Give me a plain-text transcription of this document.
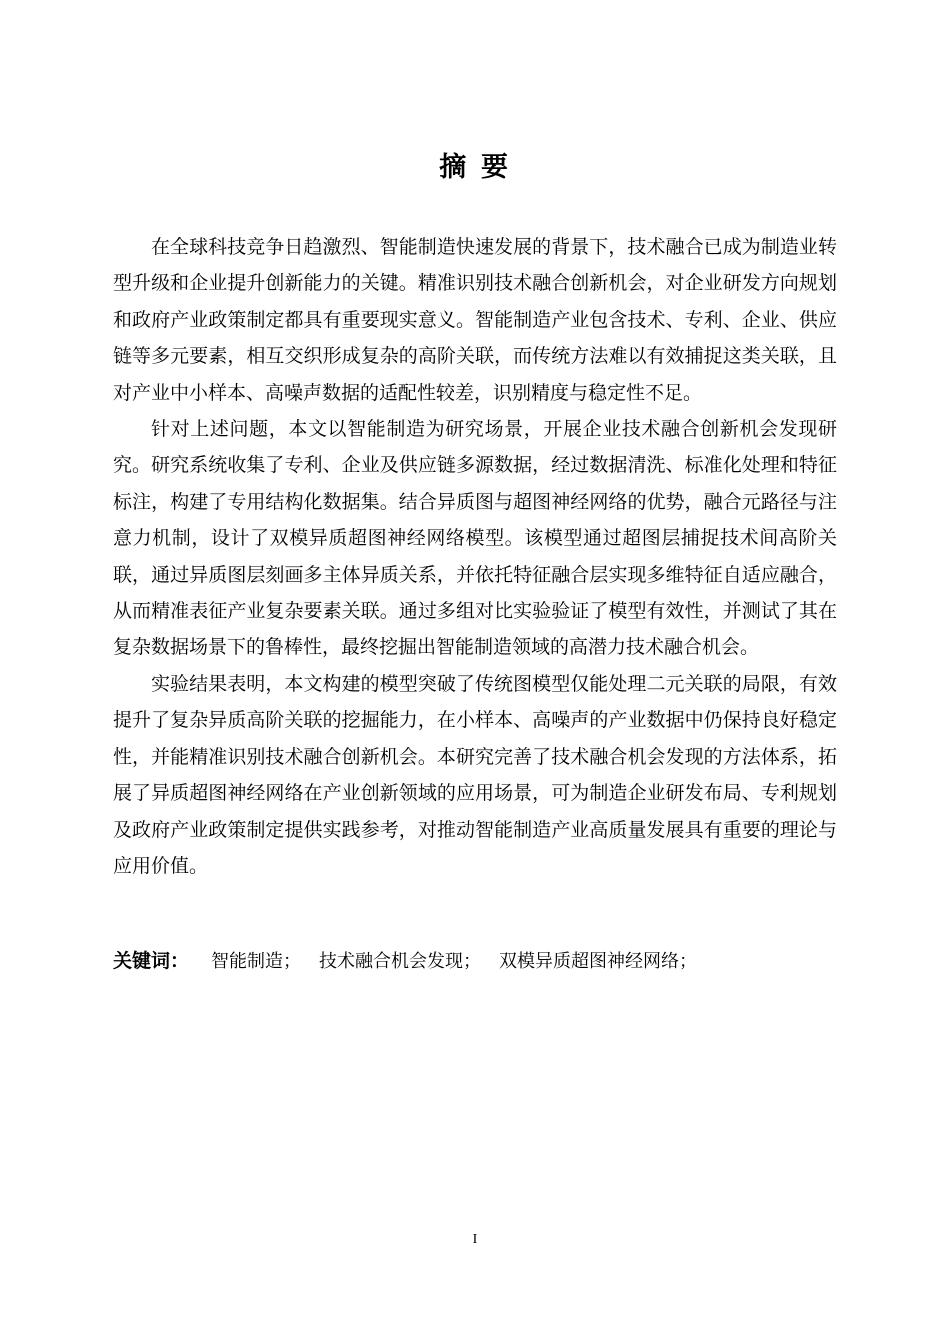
摘 要

在全球科技竞争日趋激烈、智能制造快速发展的背景下，技术融合已成为制造业转型升级和企业提升创新能力的关键。精准识别技术融合创新机会，对企业研发方向规划和政府产业政策制定都具有重要现实意义。智能制造产业包含技术、专利、企业、供应链等多元要素，相互交织形成复杂的高阶关联，而传统方法难以有效捕捉这类关联，且对产业中小样本、高噪声数据的适配性较差，识别精度与稳定性不足。

针对上述问题，本文以智能制造为研究场景，开展企业技术融合创新机会发现研究。研究系统收集了专利、企业及供应链多源数据，经过数据清洗、标准化处理和特征标注，构建了专用结构化数据集。结合异质图与超图神经网络的优势，融合元路径与注意力机制，设计了双模异质超图神经网络模型。该模型通过超图层捕捉技术间高阶关联，通过异质图层刻画多主体异质关系，并依托特征融合层实现多维特征自适应融合，从而精准表征产业复杂要素关联。通过多组对比实验验证了模型有效性，并测试了其在复杂数据场景下的鲁棒性，最终挖掘出智能制造领域的高潜力技术融合机会。

实验结果表明，本文构建的模型突破了传统图模型仅能处理二元关联的局限，有效提升了复杂异质高阶关联的挖掘能力，在小样本、高噪声的产业数据中仍保持良好稳定性，并能精准识别技术融合创新机会。本研究完善了技术融合机会发现的方法体系，拓展了异质超图神经网络在产业创新领域的应用场景，可为制造企业研发布局、专利规划及政府产业政策制定提供实践参考，对推动智能制造产业高质量发展具有重要的理论与应用价值。

关键词： 智能制造； 技术融合机会发现； 双模异质超图神经网络；
I
